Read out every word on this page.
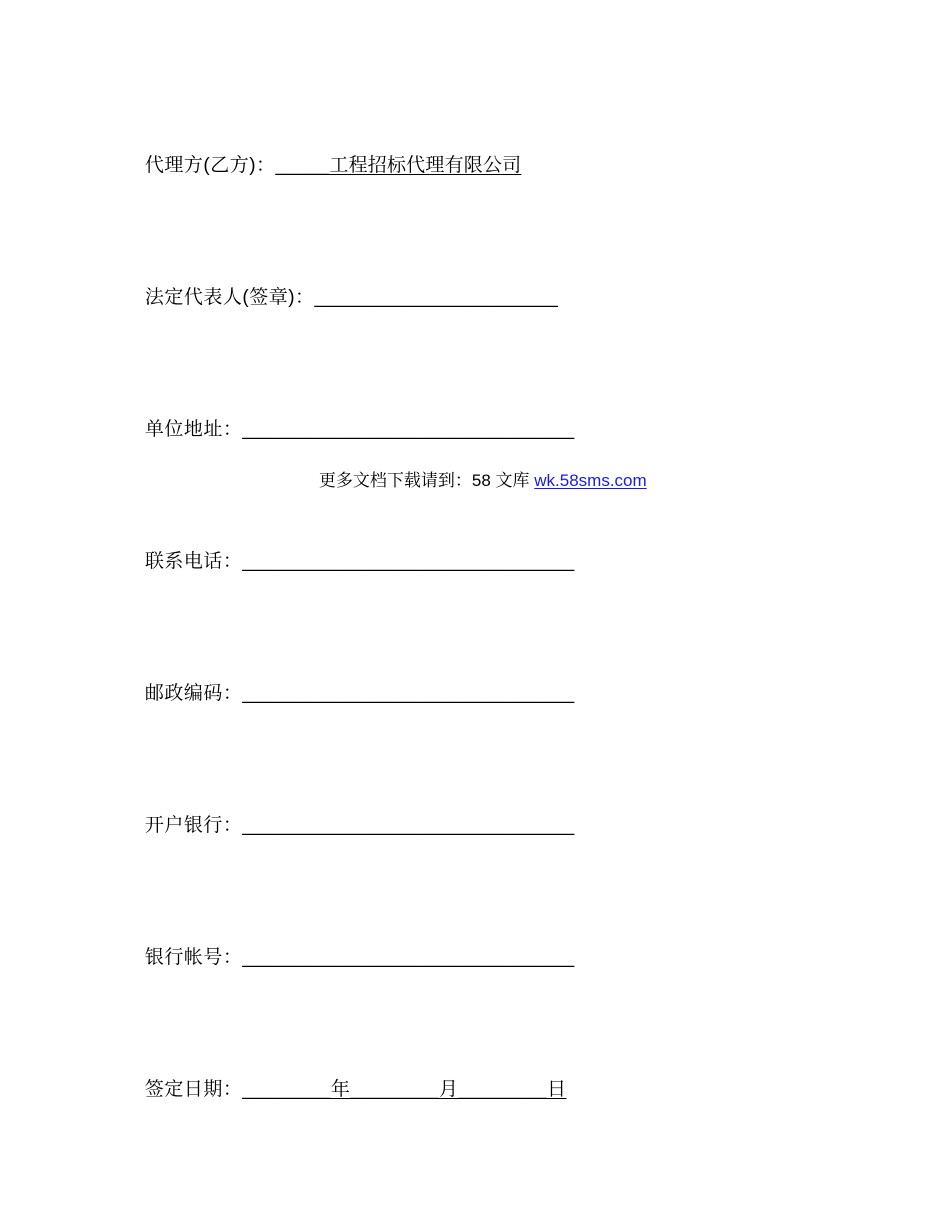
代理方(乙方)：_____工程招标代理有限公司

法定代表人(签章)：______________________

单位地址：______________________________

联系电话：______________________________

邮政编码：______________________________

开户银行：______________________________

银行帐号：______________________________

签定日期：________年________月________日

更多文档下载请到：58 文库 wk.58sms.com
